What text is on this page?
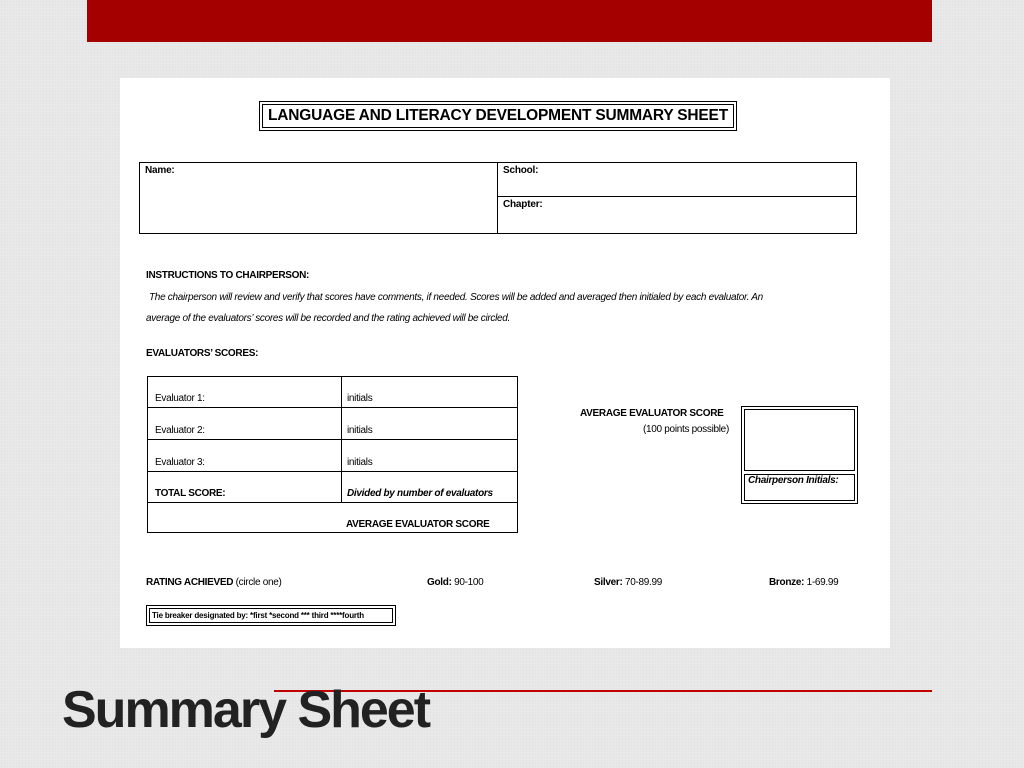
LANGUAGE AND LITERACY DEVELOPMENT SUMMARY SHEET
Name:	School:
Chapter:
INSTRUCTIONS TO CHAIRPERSON:
The chairperson will review and verify that scores have comments, if needed. Scores will be added and averaged then initialed by each evaluator. An
average of the evaluators’ scores will be recorded and the rating achieved will be circled.
EVALUATORS’ SCORES:
Evaluator 1:	initials
Evaluator 2:	initials
Evaluator 3:	initials
TOTAL SCORE:	Divided by number of evaluators
AVERAGE EVALUATOR SCORE
AVERAGE EVALUATOR SCORE
(100 points possible)
Chairperson Initials:
RATING ACHIEVED (circle one)	Gold: 90-100	Silver: 70-89.99	Bronze: 1-69.99
Tie breaker designated by: *first *second *** third ****fourth
Summary Sheet
